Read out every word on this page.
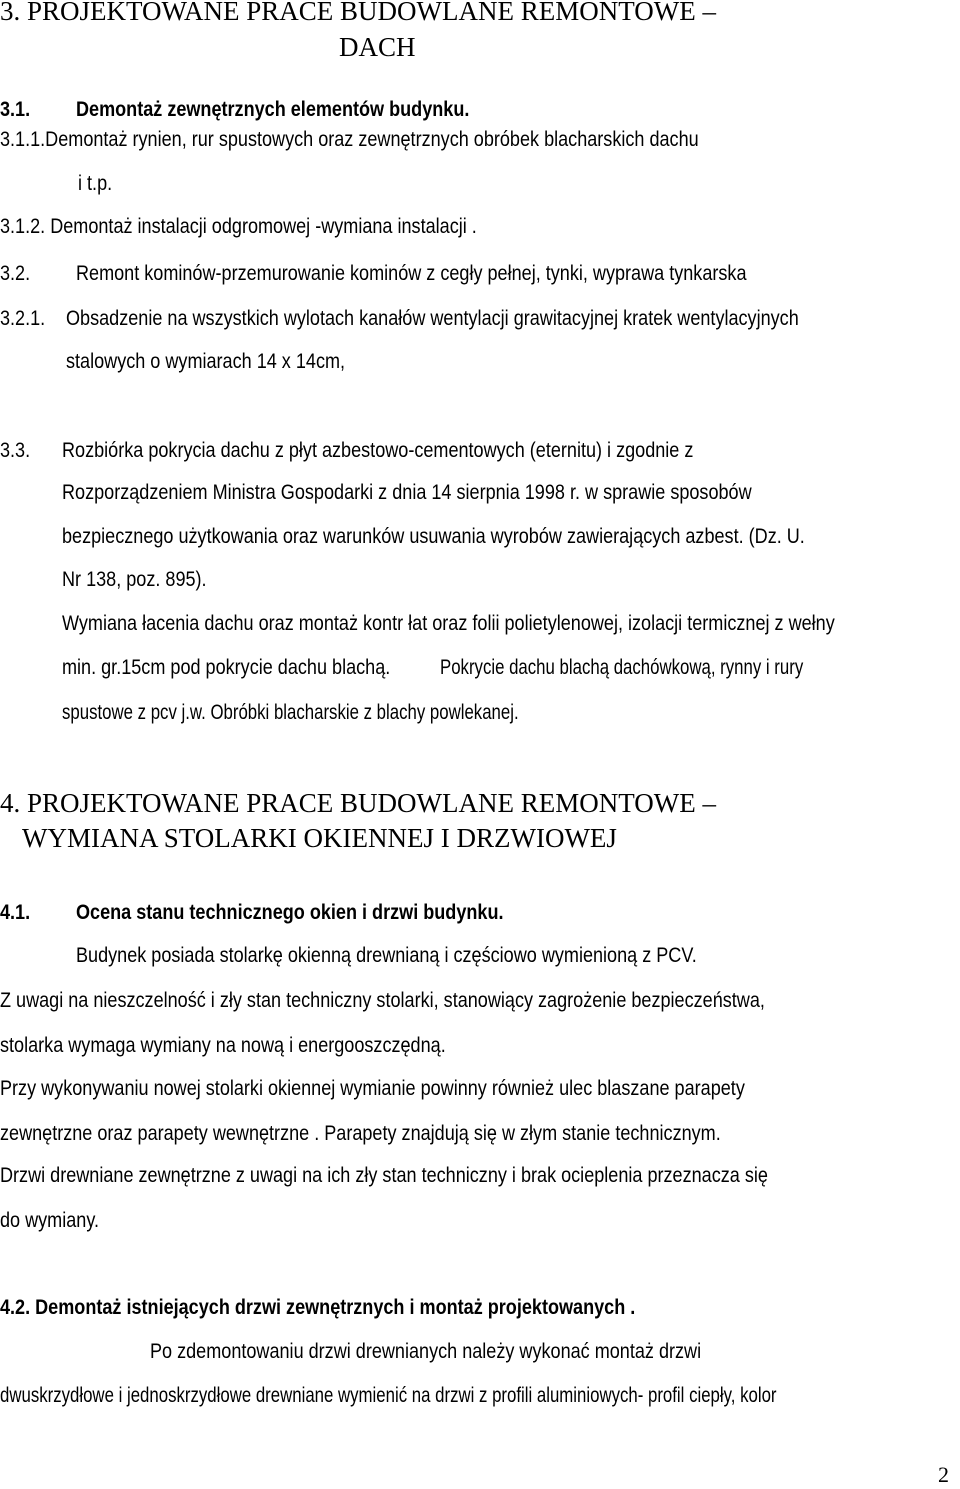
3. PROJEKTOWANE PRACE BUDOWLANE REMONTOWE –
DACH
3.1. Demontaż zewnętrznych elementów budynku.
3.1.1.Demontaż rynien, rur spustowych oraz zewnętrznych obróbek blacharskich dachu
i t.p.
3.1.2. Demontaż instalacji odgromowej -wymiana instalacji .
3.2. Remont kominów-przemurowanie kominów z cegły pełnej, tynki, wyprawa tynkarska
3.2.1. Obsadzenie na wszystkich wylotach kanałów wentylacji grawitacyjnej kratek wentylacyjnych
stalowych o wymiarach 14 x 14cm,
3.3. Rozbiórka pokrycia dachu z płyt azbestowo-cementowych (eternitu) i zgodnie z
Rozporządzeniem Ministra Gospodarki z dnia 14 sierpnia 1998 r. w sprawie sposobów
bezpiecznego użytkowania oraz warunków usuwania wyrobów zawierających azbest. (Dz. U.
Nr 138, poz. 895).
Wymiana łacenia dachu oraz montaż kontr łat oraz folii polietylenowej, izolacji termicznej z wełny
min. gr.15cm pod pokrycie dachu blachą. Pokrycie dachu blachą dachówkową, rynny i rury
spustowe z pcv j.w. Obróbki blacharskie z blachy powlekanej.
4. PROJEKTOWANE PRACE BUDOWLANE REMONTOWE –
WYMIANA STOLARKI OKIENNEJ I DRZWIOWEJ
4.1. Ocena stanu technicznego okien i drzwi budynku.
Budynek posiada stolarkę okienną drewnianą i częściowo wymienioną z PCV.
Z uwagi na nieszczelność i zły stan techniczny stolarki, stanowiący zagrożenie bezpieczeństwa,
stolarka wymaga wymiany na nową i energooszczędną.
Przy wykonywaniu nowej stolarki okiennej wymianie powinny również ulec blaszane parapety
zewnętrzne oraz parapety wewnętrzne . Parapety znajdują się w złym stanie technicznym.
Drzwi drewniane zewnętrzne z uwagi na ich zły stan techniczny i brak ocieplenia przeznacza się
do wymiany.
4.2. Demontaż istniejących drzwi zewnętrznych i montaż projektowanych .
Po zdemontowaniu drzwi drewnianych należy wykonać montaż drzwi
dwuskrzydłowe i jednoskrzydłowe drewniane wymienić na drzwi z profili aluminiowych- profil ciepły, kolor
2
